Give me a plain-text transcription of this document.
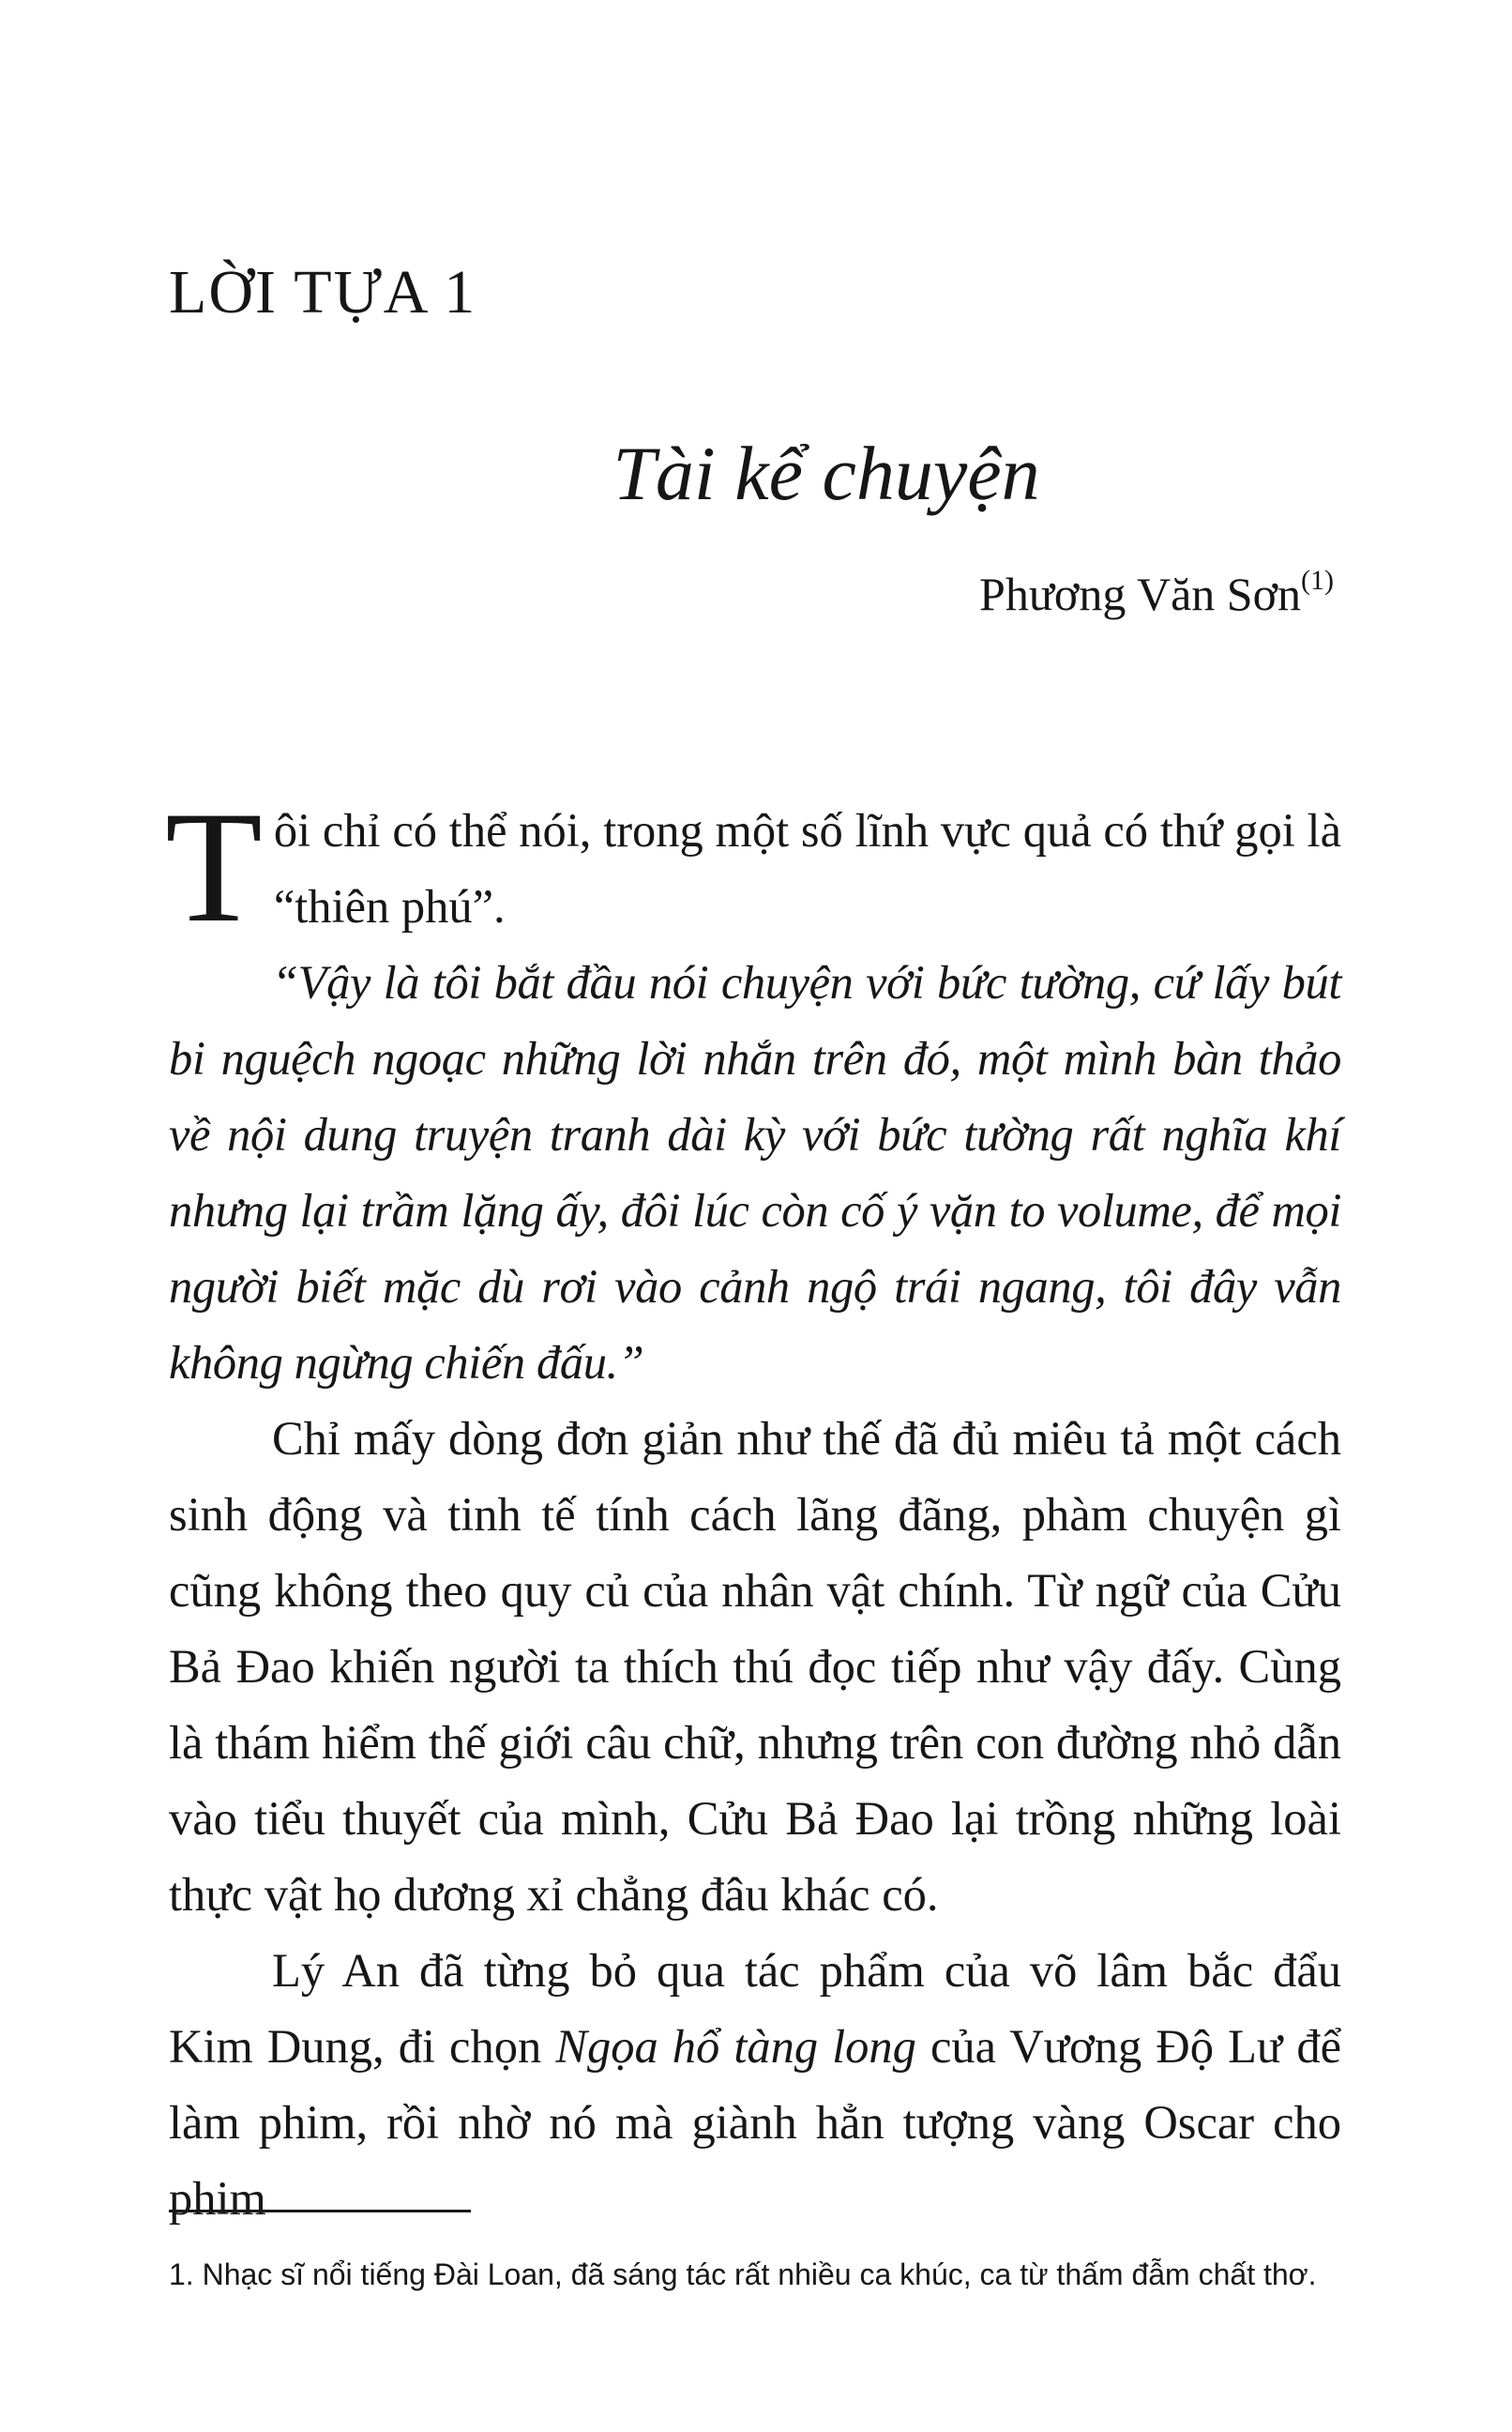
LỜI TỰA 1
Tài kể chuyện

Phương Văn Sơn$^{(1)}$

Tôi chỉ có thể nói, trong một số lĩnh vực quả có thứ gọi là “thiên phú”.

“Vậy là tôi bắt đầu nói chuyện với bức tường, cứ lấy bút bi nguệch ngoạc những lời nhắn trên đó, một mình bàn thảo về nội dung truyện tranh dài kỳ với bức tường rất nghĩa khí nhưng lại trầm lặng ấy, đôi lúc còn cố ý vặn to volume, để mọi người biết mặc dù rơi vào cảnh ngộ trái ngang, tôi đây vẫn không ngừng chiến đấu.”

Chỉ mấy dòng đơn giản như thế đã đủ miêu tả một cách sinh động và tinh tế tính cách lãng đãng, phàm chuyện gì cũng không theo quy củ của nhân vật chính. Từ ngữ của Cửu Bả Đao khiến người ta thích thú đọc tiếp như vậy đấy. Cùng là thám hiểm thế giới câu chữ, nhưng trên con đường nhỏ dẫn vào tiểu thuyết của mình, Cửu Bả Đao lại trồng những loài thực vật họ dương xỉ chẳng đâu khác có.

Lý An đã từng bỏ qua tác phẩm của võ lâm bắc đẩu Kim Dung, đi chọn Ngọa hổ tàng long của Vương Độ Lư để làm phim, rồi nhờ nó mà giành hẳn tượng vàng Oscar cho phim

1. Nhạc sĩ nổi tiếng Đài Loan, đã sáng tác rất nhiều ca khúc, ca từ thấm đẫm chất thơ.
